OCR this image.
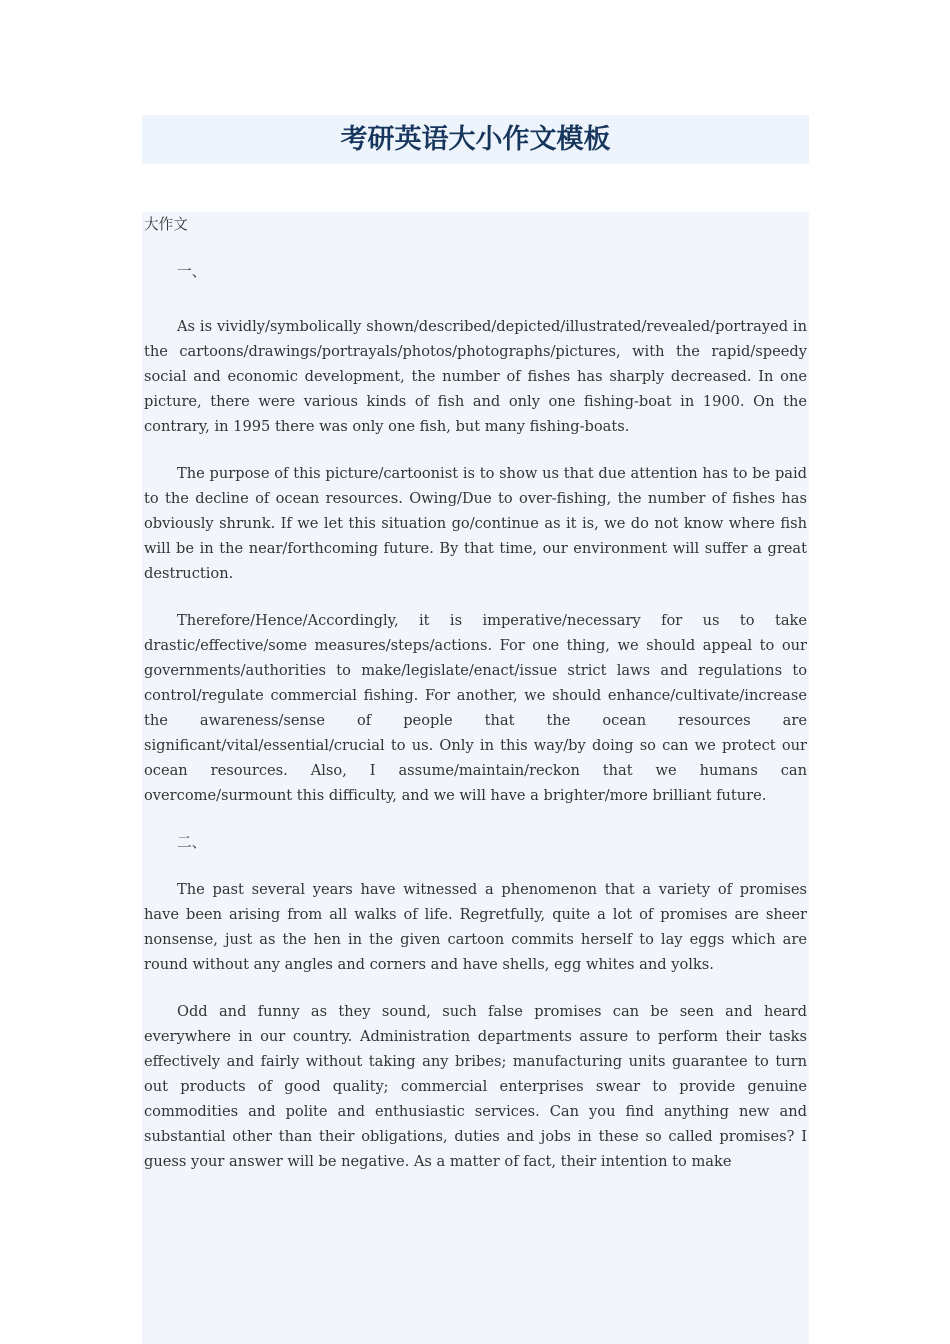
考研英语大小作文模板

大作文

一、

As is vividly/symbolically shown/described/depicted/illustrated/revealed/portrayed in the cartoons/drawings/portrayals/photos/photographs/pictures, with the rapid/speedy social and economic development, the number of fishes has sharply decreased. In one picture, there were various kinds of fish and only one fishing-boat in 1900. On the contrary, in 1995 there was only one fish, but many fishing-boats.

The purpose of this picture/cartoonist is to show us that due attention has to be paid to the decline of ocean resources. Owing/Due to over-fishing, the number of fishes has obviously shrunk. If we let this situation go/continue as it is, we do not know where fish will be in the near/forthcoming future. By that time, our environment will suffer a great destruction.

Therefore/Hence/Accordingly, it is imperative/necessary for us to take drastic/effective/some measures/steps/actions. For one thing, we should appeal to our governments/authorities to make/legislate/enact/issue strict laws and regulations to control/regulate commercial fishing. For another, we should enhance/cultivate/increase the awareness/sense of people that the ocean resources are significant/vital/essential/crucial to us. Only in this way/by doing so can we protect our ocean resources. Also, I assume/maintain/reckon that we humans can overcome/surmount this difficulty, and we will have a brighter/more brilliant future.

二、

The past several years have witnessed a phenomenon that a variety of promises have been arising from all walks of life. Regretfully, quite a lot of promises are sheer nonsense, just as the hen in the given cartoon commits herself to lay eggs which are round without any angles and corners and have shells, egg whites and yolks.

Odd and funny as they sound, such false promises can be seen and heard everywhere in our country. Administration departments assure to perform their tasks effectively and fairly without taking any bribes; manufacturing units guarantee to turn out products of good quality; commercial enterprises swear to provide genuine commodities and polite and enthusiastic services. Can you find anything new and substantial other than their obligations, duties and jobs in these so called promises? I guess your answer will be negative. As a matter of fact, their intention to make
